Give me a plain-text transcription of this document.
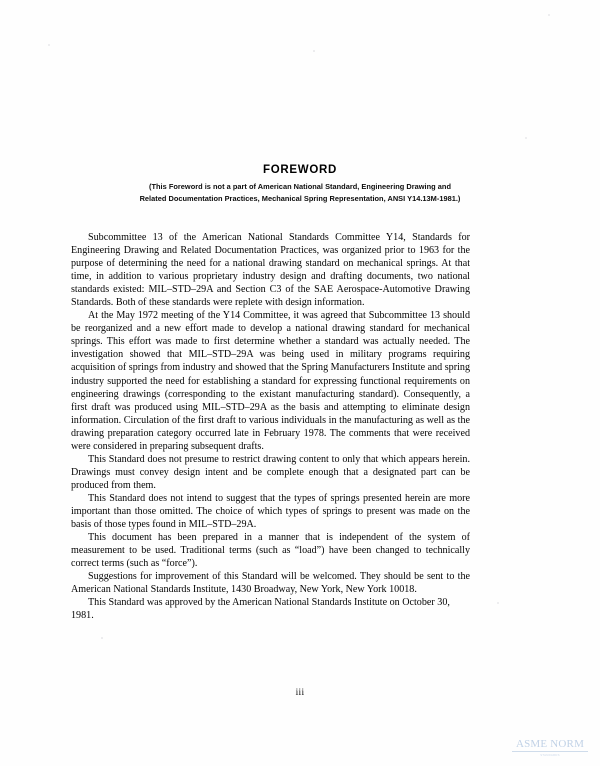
FOREWORD
(This Foreword is not a part of American National Standard, Engineering Drawing and
Related Documentation Practices, Mechanical Spring Representation, ANSI Y14.13M-1981.)

Subcommittee 13 of the American National Standards Committee Y14, Standards for Engineering Drawing and Related Documentation Practices, was organized prior to 1963 for the purpose of determining the need for a national drawing standard on mechanical springs. At that time, in addition to various proprietary industry design and drafting documents, two national standards existed: MIL–STD–29A and Section C3 of the SAE Aerospace-Automotive Drawing Standards. Both of these standards were replete with design information.

At the May 1972 meeting of the Y14 Committee, it was agreed that Subcommittee 13 should be reorganized and a new effort made to develop a national drawing standard for mechanical springs. This effort was made to first determine whether a standard was actually needed. The investigation showed that MIL–STD–29A was being used in military programs requiring acquisition of springs from industry and showed that the Spring Manufacturers Institute and spring industry supported the need for establishing a standard for expressing functional requirements on engineering drawings (corresponding to the existant manufacturing standard). Consequently, a first draft was produced using MIL–STD–29A as the basis and attempting to eliminate design information. Circulation of the first draft to various individuals in the manufacturing as well as the drawing preparation category occurred late in February 1978. The comments that were received were considered in preparing subsequent drafts.

This Standard does not presume to restrict drawing content to only that which appears herein. Drawings must convey design intent and be complete enough that a designated part can be produced from them.

This Standard does not intend to suggest that the types of springs presented herein are more important than those omitted. The choice of which types of springs to present was made on the basis of those types found in MIL–STD–29A.

This document has been prepared in a manner that is independent of the system of measurement to be used. Traditional terms (such as “load”) have been changed to technically correct terms (such as “force”).

Suggestions for improvement of this Standard will be welcomed. They should be sent to the American National Standards Institute, 1430 Broadway, New York, New York 10018.

This Standard was approved by the American National Standards Institute on October 30, 1981.

iii
ASME NORM
STANDARDS
